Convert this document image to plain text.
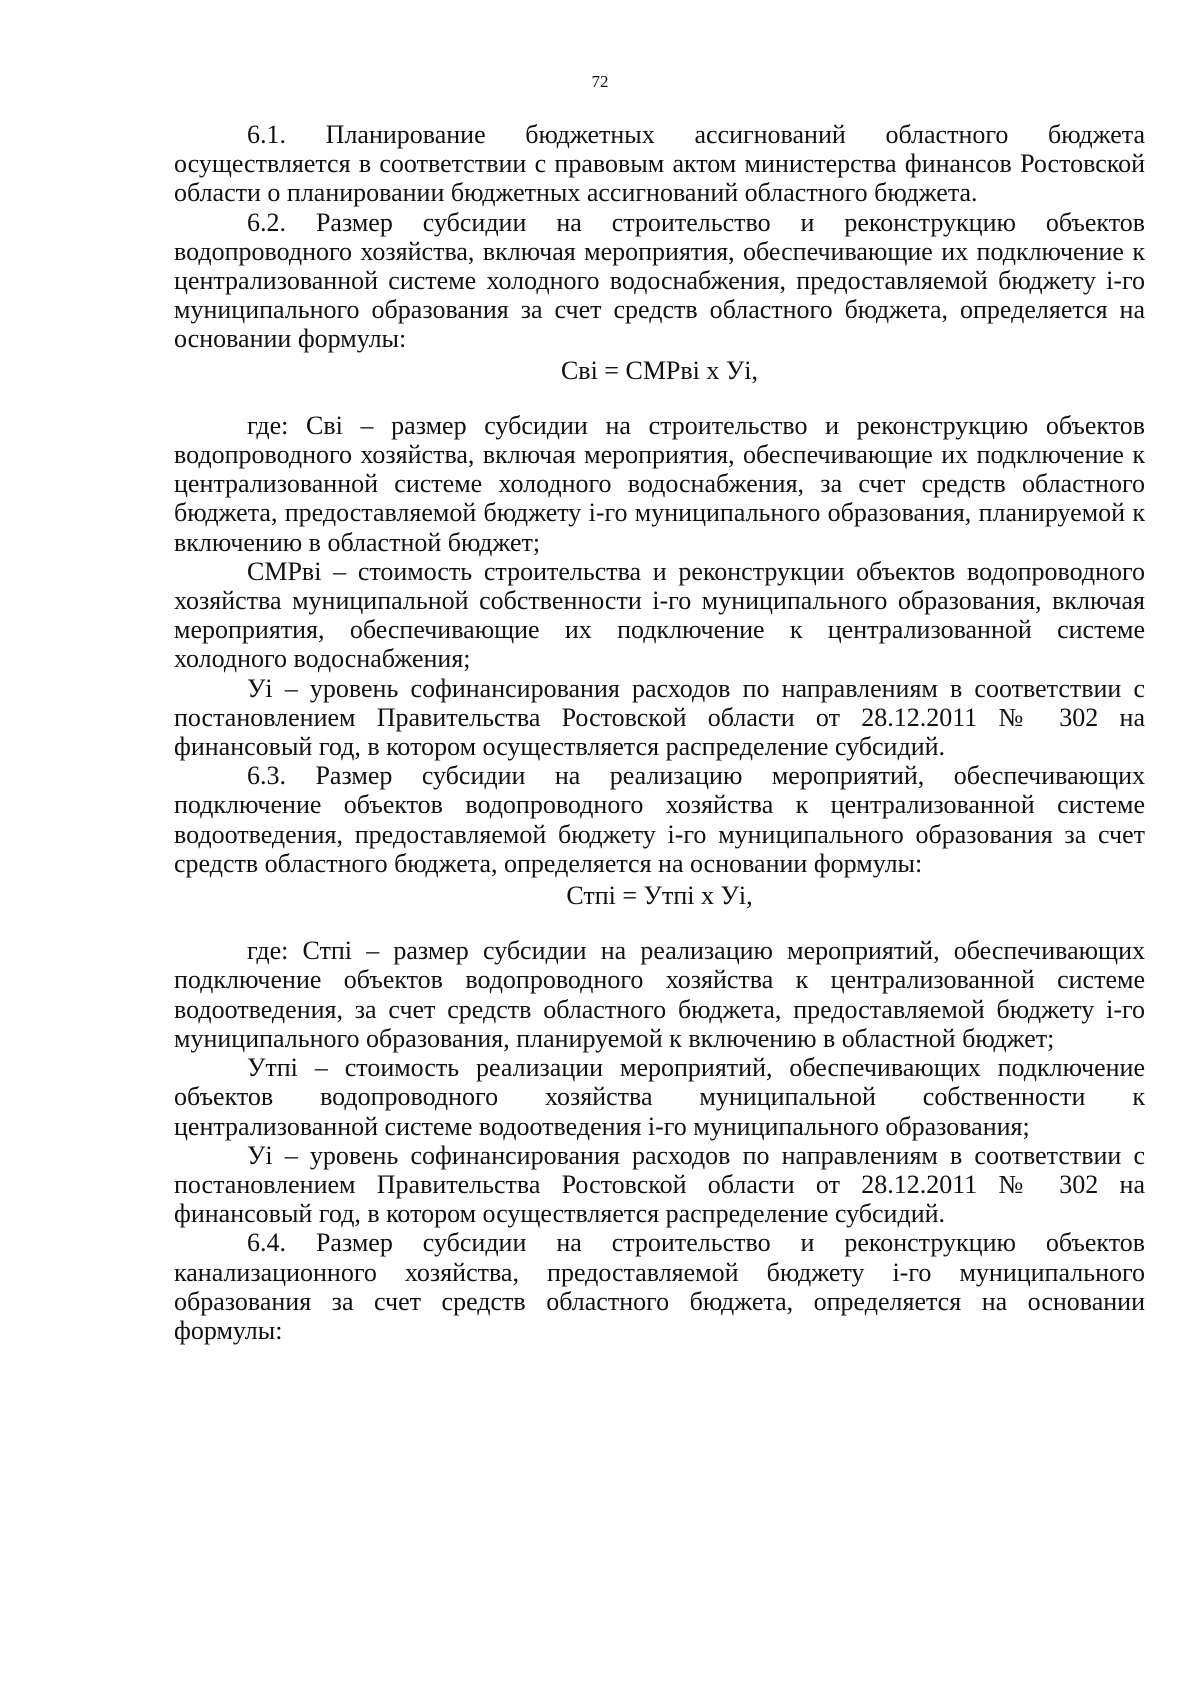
72

6.1. Планирование бюджетных ассигнований областного бюджета осуществляется в соответствии с правовым актом министерства финансов Ростовской области о планировании бюджетных ассигнований областного бюджета.

6.2. Размер субсидии на строительство и реконструкцию объектов водопроводного хозяйства, включая мероприятия, обеспечивающие их подключение к централизованной системе холодного водоснабжения, предоставляемой бюджету i-го муниципального образования за счет средств областного бюджета, определяется на основании формулы:

Свi = СМРвi х Уi,

где: Свi – размер субсидии на строительство и реконструкцию объектов водопроводного хозяйства, включая мероприятия, обеспечивающие их подключение к централизованной системе холодного водоснабжения, за счет средств областного бюджета, предоставляемой бюджету i-го муниципального образования, планируемой к включению в областной бюджет;

СМРвi – стоимость строительства и реконструкции объектов водопроводного хозяйства муниципальной собственности i-го муниципального образования, включая мероприятия, обеспечивающие их подключение к централизованной системе холодного водоснабжения;

Уi – уровень софинансирования расходов по направлениям в соответствии с постановлением Правительства Ростовской области от 28.12.2011 № 302 на финансовый год, в котором осуществляется распределение субсидий.

6.3. Размер субсидии на реализацию мероприятий, обеспечивающих подключение объектов водопроводного хозяйства к централизованной системе водоотведения, предоставляемой бюджету i-го муниципального образования за счет средств областного бюджета, определяется на основании формулы:

Стпi = Утпi х Уi,

где: Стпi – размер субсидии на реализацию мероприятий, обеспечивающих подключение объектов водопроводного хозяйства к централизованной системе водоотведения, за счет средств областного бюджета, предоставляемой бюджету i-го муниципального образования, планируемой к включению в областной бюджет;

Утпi – стоимость реализации мероприятий, обеспечивающих подключение объектов водопроводного хозяйства муниципальной собственности к централизованной системе водоотведения i-го муниципального образования;

Уi – уровень софинансирования расходов по направлениям в соответствии с постановлением Правительства Ростовской области от 28.12.2011 № 302 на финансовый год, в котором осуществляется распределение субсидий.

6.4. Размер субсидии на строительство и реконструкцию объектов канализационного хозяйства, предоставляемой бюджету i-го муниципального образования за счет средств областного бюджета, определяется на основании формулы:
